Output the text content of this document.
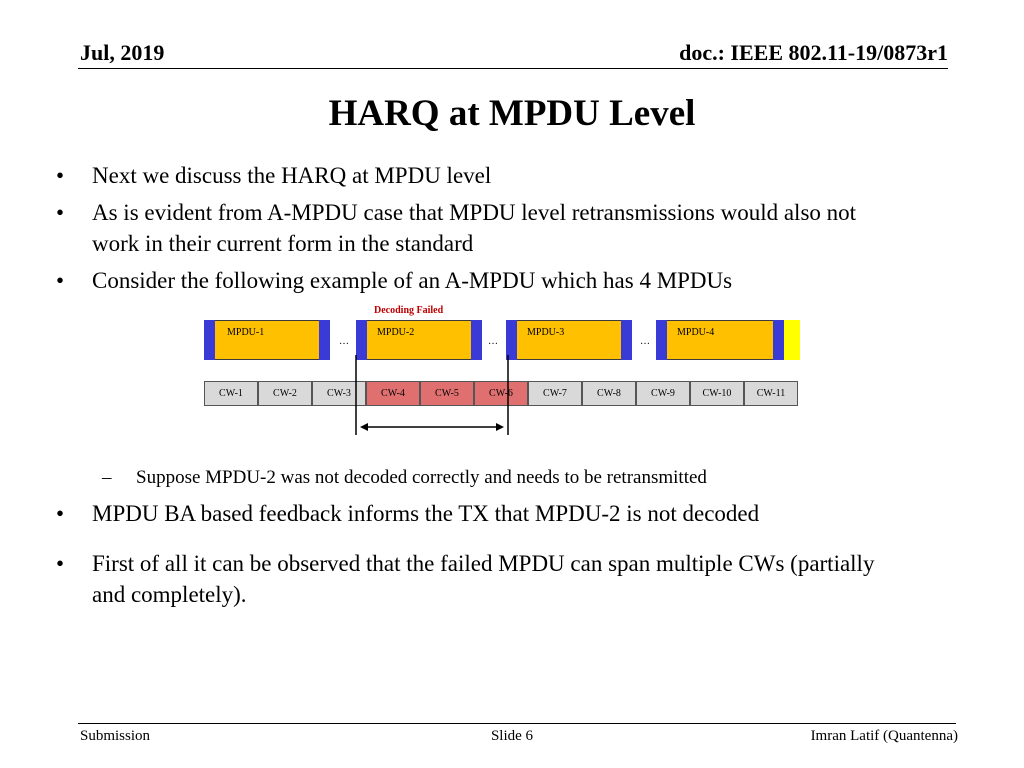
Jul, 2019	doc.: IEEE 802.11-19/0873r1
HARQ at MPDU Level
• Next we discuss the HARQ at MPDU level
• As is evident from A-MPDU case that MPDU level retransmissions would also not work in their current form in the standard
• Consider the following example of an A-MPDU which has 4 MPDUs
Decoding Failed
MPDU-1
…
MPDU-2
…
MPDU-3
…
MPDU-4
CW-1	CW-2	CW-3	CW-4	CW-5	CW-6	CW-7	CW-8	CW-9	CW-10	CW-11
– Suppose MPDU-2 was not decoded correctly and needs to be retransmitted
• MPDU BA based feedback informs the TX that MPDU-2 is not decoded
• First of all it can be observed that the failed MPDU can span multiple CWs (partially and completely).
Submission	Slide 6	Imran Latif (Quantenna)
